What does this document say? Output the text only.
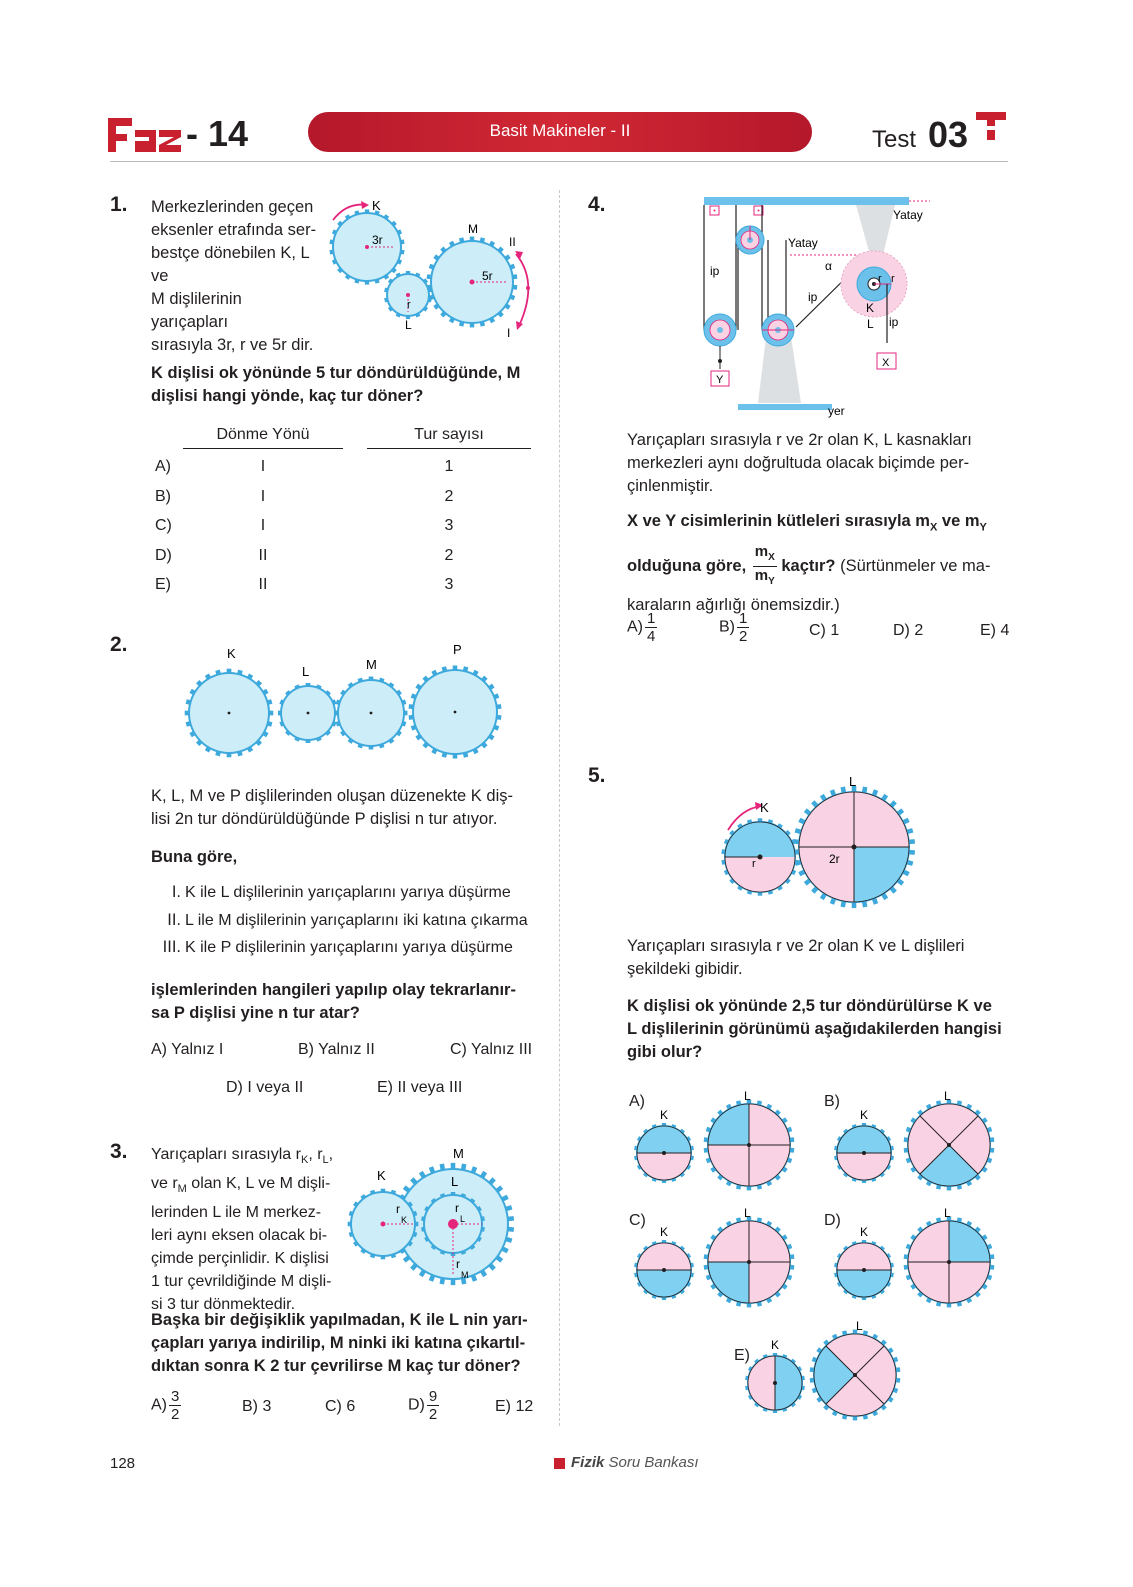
- 14	Basit Makineler - II	Test 03
1. Merkezlerinden geçen
eksenler etrafında ser-
bestçe dönebilen K, L ve
M dişlilerinin yarıçapları
sırasıyla 3r, r ve 5r dir.
K
3r
L
r
M
5r
II
I
K dişlisi ok yönünde 5 tur döndürüldüğünde, M
dişlisi hangi yönde, kaç tur döner?
Dönme Yönü	Tur sayısı
A)	I	1
B)	I	2
C)	I	3
D)	II	2
E)	II	3
2.	K
L	M
P
K, L, M ve P dişlilerinden oluşan düzenekte K diş-
lisi 2n tur döndürüldüğünde P dişlisi n tur atıyor.
Buna göre,
I. K ile L dişlilerinin yarıçaplarını yarıya düşürme
II. L ile M dişlilerinin yarıçaplarını iki katına çıkarma
III. K ile P dişlilerinin yarıçaplarını yarıya düşürme
işlemlerinden hangileri yapılıp olay tekrarlanır-
sa P dişlisi yine n tur atar?
A) Yalnız I	B) Yalnız II	C) Yalnız III
D) I veya II	E) II veya III
3. Yarıçapları sırasıyla $r_K$, $r_L$,
ve $r_M$ olan K, L ve M dişli-
lerinden L ile M merkez-
leri aynı eksen olacak bi-
çimde perçinlidir. K dişlisi
1 tur çevrildiğinde M dişli-
si 3 tur dönmektedir.
M
K	L
r
K
r
L
r
M
Başka bir değişiklik yapılmadan, K ile L nin yarı-
çapları yarıya indirilip, M ninki iki katına çıkartıl-
dıktan sonra K 2 tur çevrilirse M kaç tur döner?
$A) \frac{3}{2}$	B) 3	C) 6	$D) \frac{9}{2}$	E) 12
4.	Yatay
Y
yer
Yatay
α
ip
ip
r r
K
L ip
X
Yarıçapları sırasıyla r ve 2r olan K, L kasnakları
merkezleri aynı doğrultuda olacak biçimde per-
çinlenmiştir.
X ve Y cisimlerinin kütleleri sırasıyla $m_X$ ve $m_Y$
olduğuna göre, $\frac{m_X}{m_Y}$ kaçtır? (Sürtünmeler ve ma-
karaların ağırlığı önemsizdir.)
$A) \frac{1}{4}$	$B) \frac{1}{2}$	C) 1	D) 2	E) 4
5.
r	2r
K
L
Yarıçapları sırasıyla r ve 2r olan K ve L dişlileri
şekildeki gibidir.
K dişlisi ok yönünde 2,5 tur döndürülürse K ve
L dişlilerinin görünümü aşağıdakilerden hangisi
gibi olur?
A)
K
L	B)
K
L
C)
K
L	D)
K
L
E)
K
L
128	Fizik Soru Bankası
